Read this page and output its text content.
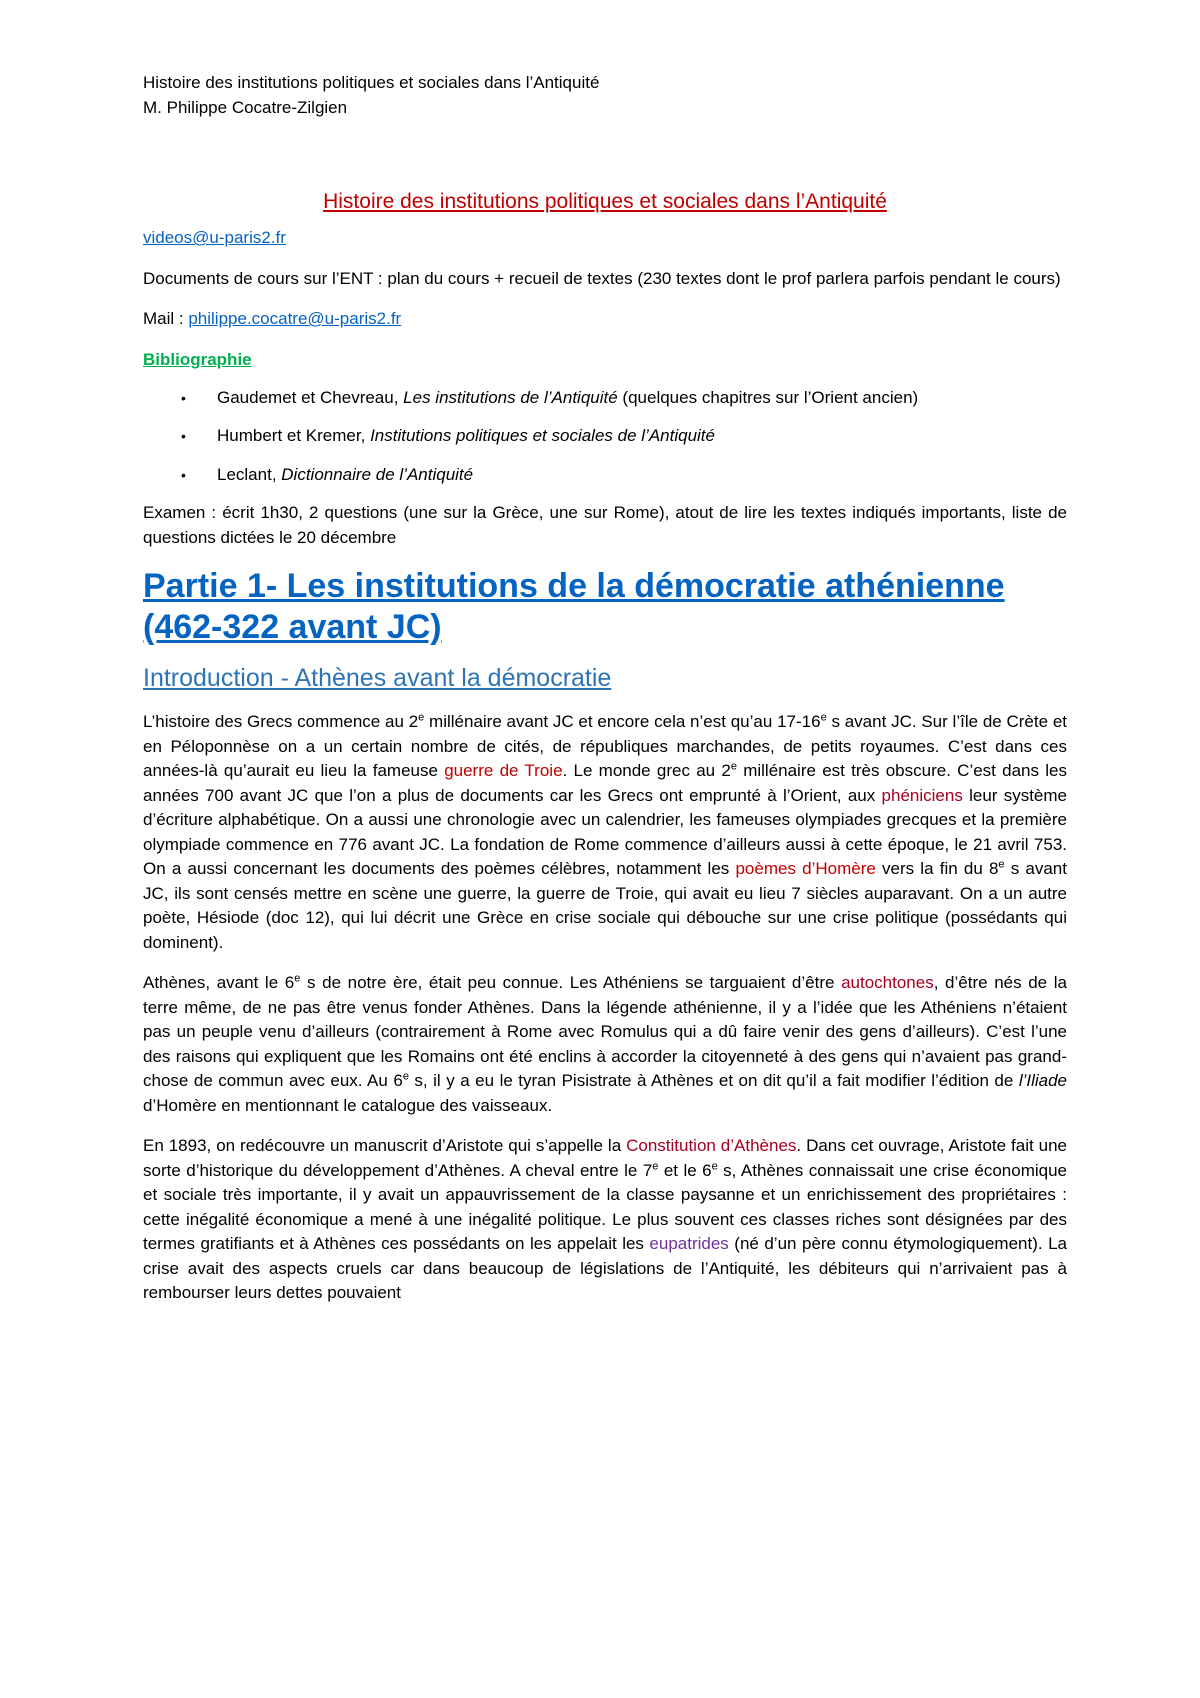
Histoire des institutions politiques et sociales dans l’Antiquité

M. Philippe Cocatre-Zilgien

Histoire des institutions politiques et sociales dans l’Antiquité

videos@u-paris2.fr

Documents de cours sur l’ENT : plan du cours + recueil de textes (230 textes dont le prof parlera parfois pendant le cours)

Mail : philippe.cocatre@u-paris2.fr

Bibliographie

• Gaudemet et Chevreau, Les institutions de l’Antiquité (quelques chapitres sur l’Orient ancien)
• Humbert et Kremer, Institutions politiques et sociales de l’Antiquité
• Leclant, Dictionnaire de l’Antiquité

Examen : écrit 1h30, 2 questions (une sur la Grèce, une sur Rome), atout de lire les textes indiqués importants, liste de questions dictées le 20 décembre

Partie 1- Les institutions de la démocratie athénienne (462-322 avant JC)

Introduction - Athènes avant la démocratie

L’histoire des Grecs commence au 2e millénaire avant JC et encore cela n’est qu’au 17-16e s avant JC. Sur l’île de Crète et en Péloponnèse on a un certain nombre de cités, de républiques marchandes, de petits royaumes. C’est dans ces années-là qu’aurait eu lieu la fameuse guerre de Troie. Le monde grec au 2e millénaire est très obscure. C’est dans les années 700 avant JC que l’on a plus de documents car les Grecs ont emprunté à l’Orient, aux phéniciens leur système d’écriture alphabétique. On a aussi une chronologie avec un calendrier, les fameuses olympiades grecques et la première olympiade commence en 776 avant JC. La fondation de Rome commence d’ailleurs aussi à cette époque, le 21 avril 753. On a aussi concernant les documents des poèmes célèbres, notamment les poèmes d’Homère vers la fin du 8e s avant JC, ils sont censés mettre en scène une guerre, la guerre de Troie, qui avait eu lieu 7 siècles auparavant. On a un autre poète, Hésiode (doc 12), qui lui décrit une Grèce en crise sociale qui débouche sur une crise politique (possédants qui dominent).

Athènes, avant le 6e s de notre ère, était peu connue. Les Athéniens se targuaient d’être autochtones, d’être nés de la terre même, de ne pas être venus fonder Athènes. Dans la légende athénienne, il y a l’idée que les Athéniens n’étaient pas un peuple venu d’ailleurs (contrairement à Rome avec Romulus qui a dû faire venir des gens d’ailleurs). C’est l’une des raisons qui expliquent que les Romains ont été enclins à accorder la citoyenneté à des gens qui n’avaient pas grand-chose de commun avec eux. Au 6e s, il y a eu le tyran Pisistrate à Athènes et on dit qu’il a fait modifier l’édition de l’Iliade d’Homère en mentionnant le catalogue des vaisseaux.

En 1893, on redécouvre un manuscrit d’Aristote qui s’appelle la Constitution d’Athènes. Dans cet ouvrage, Aristote fait une sorte d’historique du développement d’Athènes. A cheval entre le 7e et le 6e s, Athènes connaissait une crise économique et sociale très importante, il y avait un appauvrissement de la classe paysanne et un enrichissement des propriétaires : cette inégalité économique a mené à une inégalité politique. Le plus souvent ces classes riches sont désignées par des termes gratifiants et à Athènes ces possédants on les appelait les eupatrides (né d’un père connu étymologiquement). La crise avait des aspects cruels car dans beaucoup de législations de l’Antiquité, les débiteurs qui n’arrivaient pas à rembourser leurs dettes pouvaient
